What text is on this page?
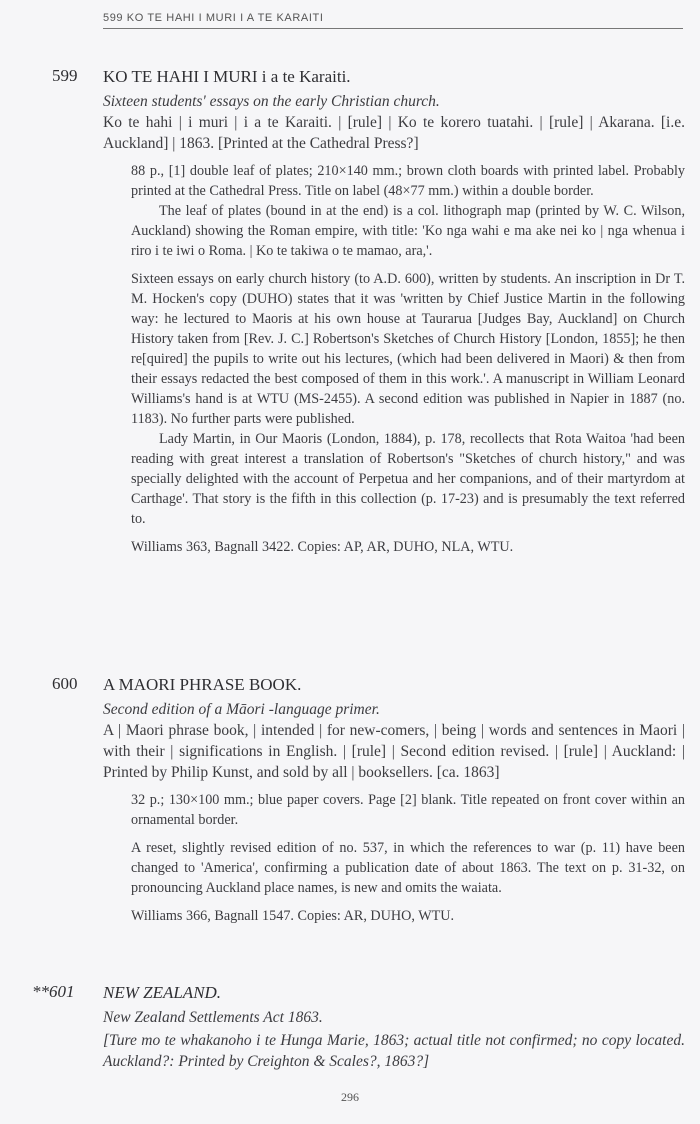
599 KO TE HAHI I MURI I A TE KARAITI
599 KO TE HAHI I MURI i a te Karaiti.

Sixteen students' essays on the early Christian church.

Ko te hahi | i muri | i a te Karaiti. | [rule] | Ko te korero tuatahi. | [rule] | Akarana. [i.e. Auckland] | 1863. [Printed at the Cathedral Press?]

88 p., [1] double leaf of plates; 210×140 mm.; brown cloth boards with printed label. Probably printed at the Cathedral Press. Title on label (48×77 mm.) within a double border.

The leaf of plates (bound in at the end) is a col. lithograph map (printed by W. C. Wilson, Auckland) showing the Roman empire, with title: 'Ko nga wahi e ma ake nei ko | nga whenua i riro i te iwi o Roma. | Ko te takiwa o te mamao, ara,'.

Sixteen essays on early church history (to A.D. 600), written by students. An inscription in Dr T. M. Hocken's copy (DUHO) states that it was 'written by Chief Justice Martin in the following way: he lectured to Maoris at his own house at Taurarua [Judges Bay, Auckland] on Church History taken from [Rev. J. C.] Robertson's Sketches of Church History [London, 1855]; he then re[quired] the pupils to write out his lectures, (which had been delivered in Maori) & then from their essays redacted the best composed of them in this work.'. A manuscript in William Leonard Williams's hand is at WTU (MS-2455). A second edition was published in Napier in 1887 (no. 1183). No further parts were published.

Lady Martin, in Our Maoris (London, 1884), p. 178, recollects that Rota Waitoa 'had been reading with great interest a translation of Robertson's "Sketches of church history," and was specially delighted with the account of Perpetua and her companions, and of their martyrdom at Carthage'. That story is the fifth in this collection (p. 17-23) and is presumably the text referred to.

Williams 363, Bagnall 3422. Copies: AP, AR, DUHO, NLA, WTU.

600 A MAORI PHRASE BOOK.

Second edition of a Māori -language primer.

A | Maori phrase book, | intended | for new-comers, | being | words and sentences in Maori | with their | significations in English. | [rule] | Second edition revised. | [rule] | Auckland: | Printed by Philip Kunst, and sold by all | booksellers. [ca. 1863]

32 p.; 130×100 mm.; blue paper covers. Page [2] blank. Title repeated on front cover within an ornamental border.

A reset, slightly revised edition of no. 537, in which the references to war (p. 11) have been changed to 'America', confirming a publication date of about 1863. The text on p. 31-32, on pronouncing Auckland place names, is new and omits the waiata.

Williams 366, Bagnall 1547. Copies: AR, DUHO, WTU.

**601 NEW ZEALAND.

New Zealand Settlements Act 1863.

[Ture mo te whakanoho i te Hunga Marie, 1863; actual title not confirmed; no copy located. Auckland?: Printed by Creighton & Scales?, 1863?]

296
